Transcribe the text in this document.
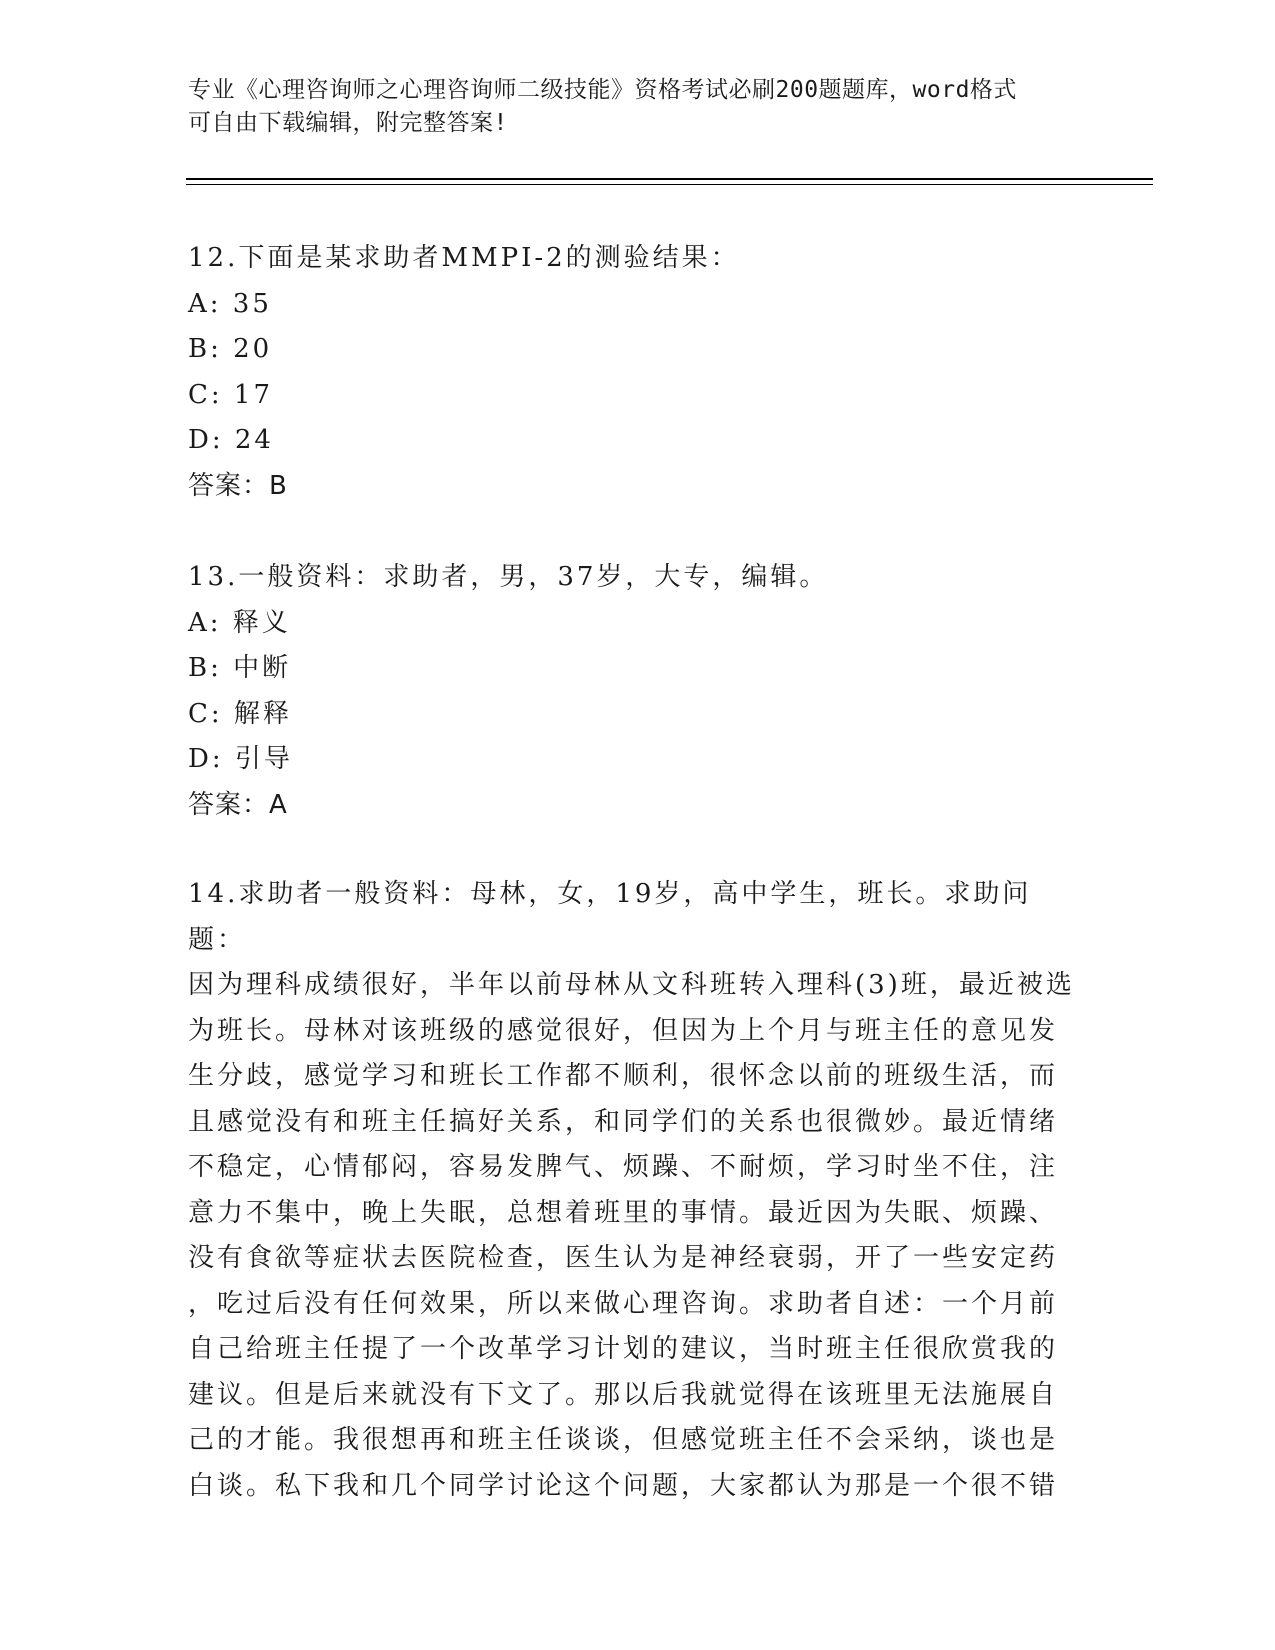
专业《心理咨询师之心理咨询师二级技能》资格考试必刷200题题库，word格式
可自由下载编辑，附完整答案!

12.下面是某求助者MMPI-2的测验结果：

A: 35

B: 20

C: 17

D: 24

答案：B

13.一般资料：求助者，男，37岁，大专，编辑。

A: 释义

B: 中断

C: 解释

D: 引导

答案：A

14.求助者一般资料：母林，女，19岁，高中学生，班长。求助问题：

因为理科成绩很好，半年以前母林从文科班转入理科(3)班，最近被选

为班长。母林对该班级的感觉很好，但因为上个月与班主任的意见发

生分歧，感觉学习和班长工作都不顺利，很怀念以前的班级生活，而

且感觉没有和班主任搞好关系，和同学们的关系也很微妙。最近情绪

不稳定，心情郁闷，容易发脾气、烦躁、不耐烦，学习时坐不住，注

意力不集中，晚上失眠，总想着班里的事情。最近因为失眠、烦躁、

没有食欲等症状去医院检查，医生认为是神经衰弱，开了一些安定药

，吃过后没有任何效果，所以来做心理咨询。求助者自述：一个月前

自己给班主任提了一个改革学习计划的建议，当时班主任很欣赏我的

建议。但是后来就没有下文了。那以后我就觉得在该班里无法施展自

己的才能。我很想再和班主任谈谈，但感觉班主任不会采纳，谈也是

白谈。私下我和几个同学讨论这个问题，大家都认为那是一个很不错
